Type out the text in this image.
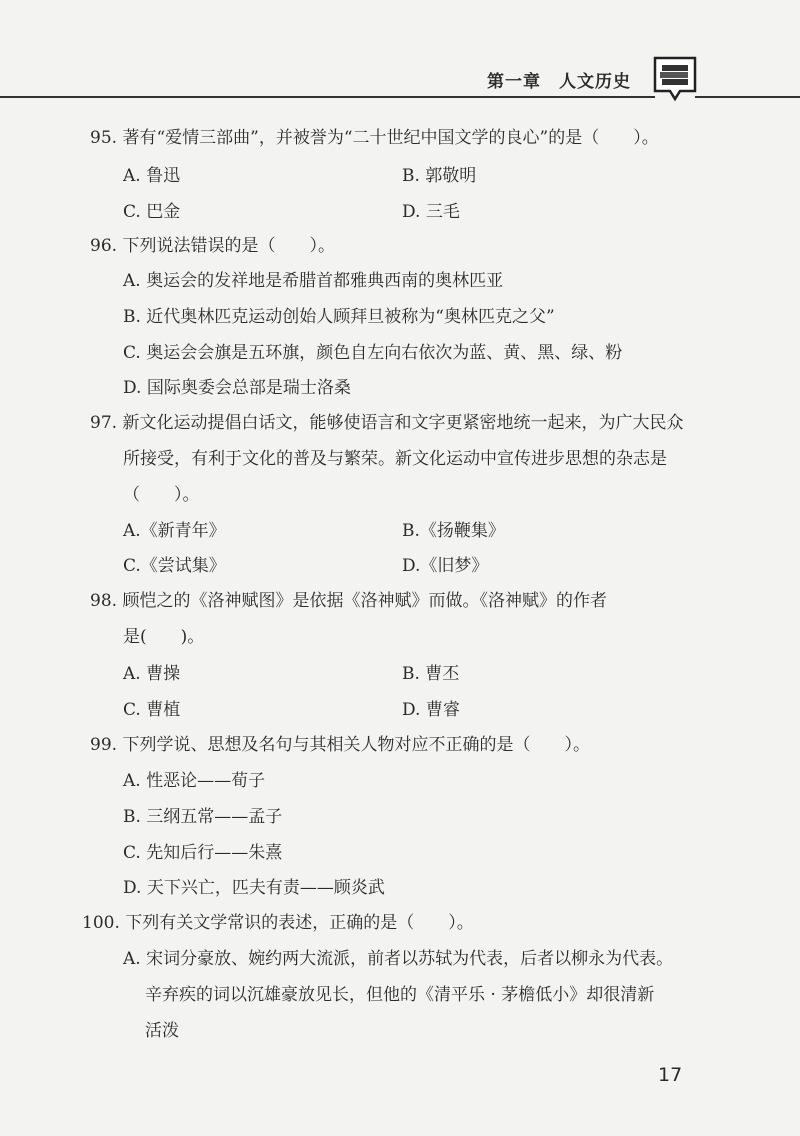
第一章　人文历史
95. 著有“爱情三部曲”，并被誉为“二十世纪中国文学的良心”的是（　　）。
A. 鲁迅	B. 郭敬明
C. 巴金	D. 三毛
96. 下列说法错误的是（　　）。
A. 奥运会的发祥地是希腊首都雅典西南的奥林匹亚
B. 近代奥林匹克运动创始人顾拜旦被称为“奥林匹克之父”
C. 奥运会会旗是五环旗，颜色自左向右依次为蓝、黄、黑、绿、粉
D. 国际奥委会总部是瑞士洛桑
97. 新文化运动提倡白话文，能够使语言和文字更紧密地统一起来，为广大民众
所接受，有利于文化的普及与繁荣。新文化运动中宣传进步思想的杂志是
（　　）。
A.《新青年》	B.《扬鞭集》
C.《尝试集》	D.《旧梦》
98. 顾恺之的《洛神赋图》是依据《洛神赋》而做。《洛神赋》的作者
是(　　)。
A. 曹操	B. 曹丕
C. 曹植	D. 曹睿
99. 下列学说、思想及名句与其相关人物对应不正确的是（　　）。
A. 性恶论——荀子
B. 三纲五常——孟子
C. 先知后行——朱熹
D. 天下兴亡，匹夫有责——顾炎武
100. 下列有关文学常识的表述，正确的是（　　）。
A. 宋词分豪放、婉约两大流派，前者以苏轼为代表，后者以柳永为代表。
辛弃疾的词以沉雄豪放见长，但他的《清平乐 · 茅檐低小》却很清新
活泼
17
